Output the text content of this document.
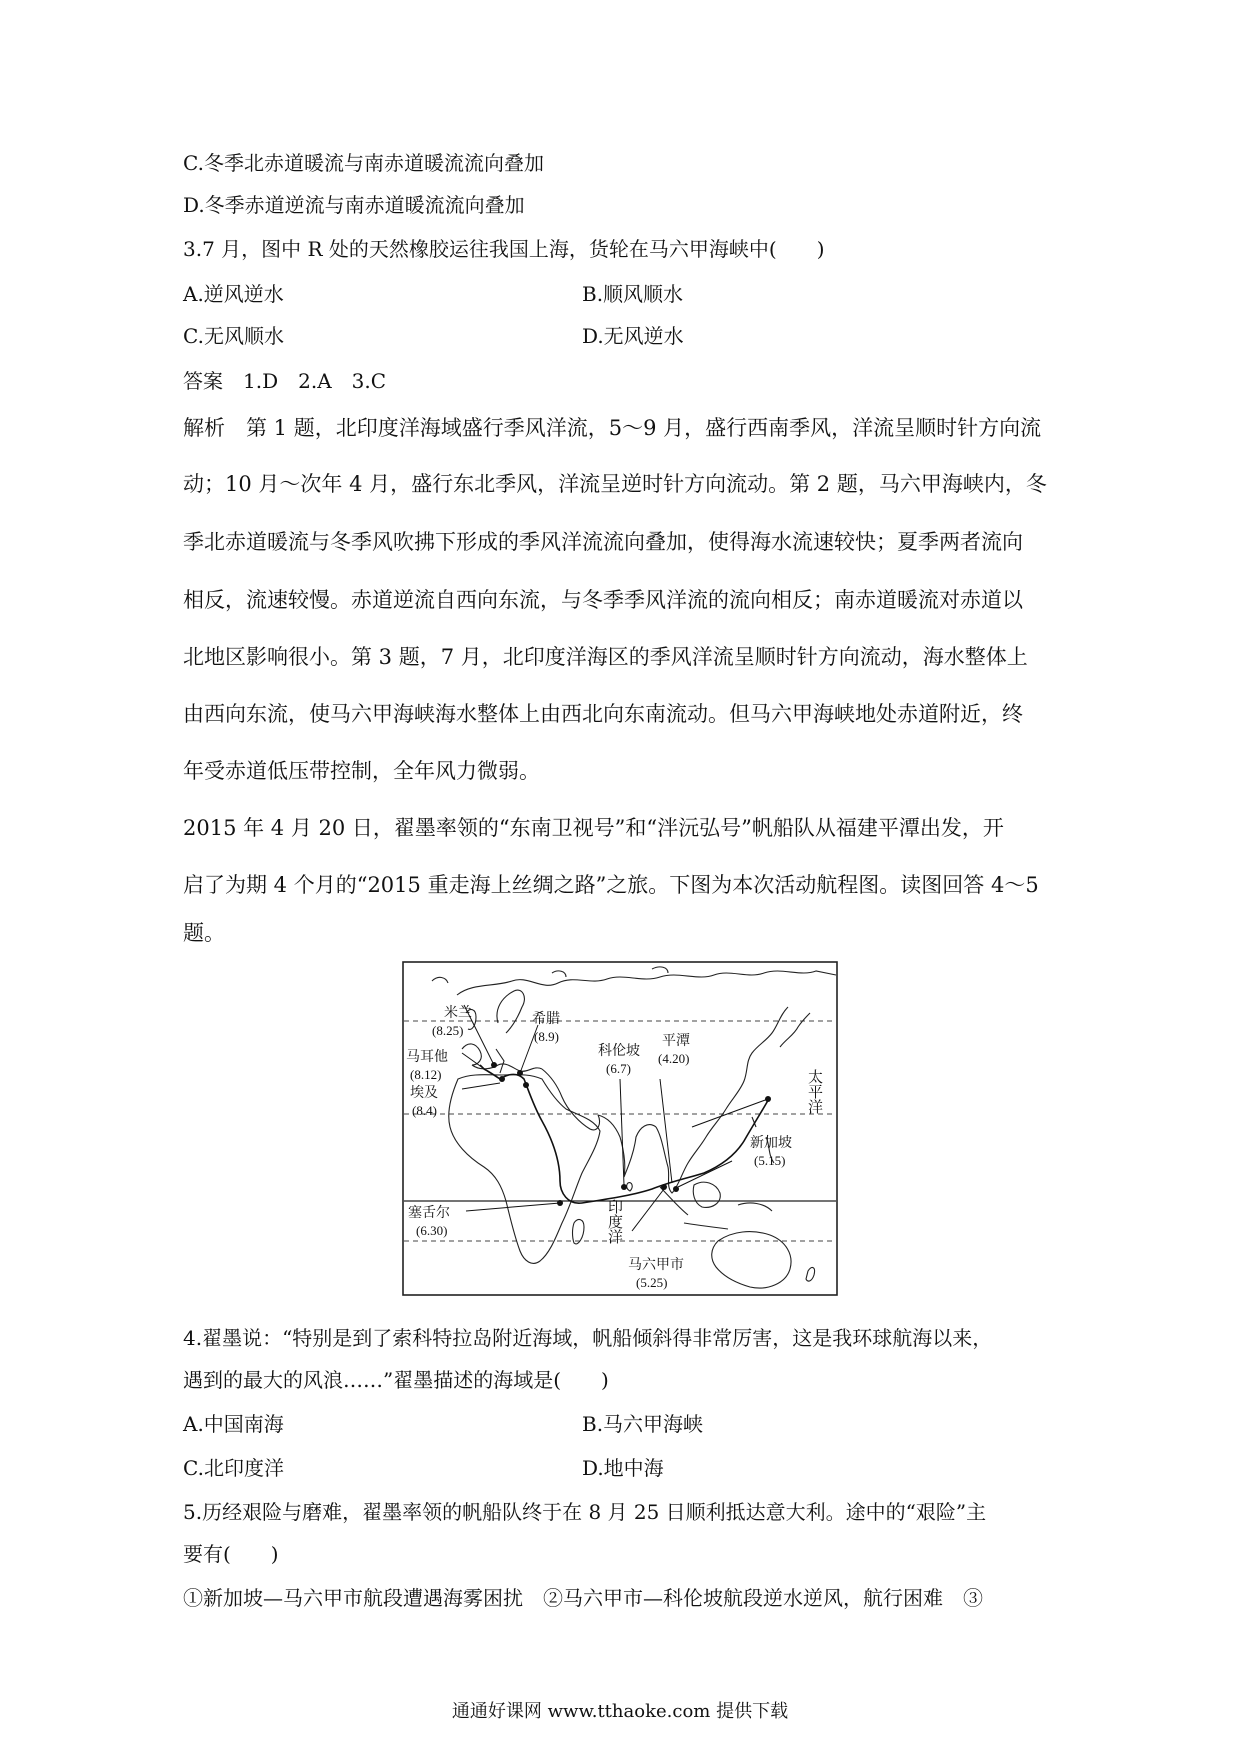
C.冬季北赤道暖流与南赤道暖流流向叠加
D.冬季赤道逆流与南赤道暖流流向叠加
3.7 月，图中 R 处的天然橡胶运往我国上海，货轮在马六甲海峡中(　　)
A.逆风逆水	B.顺风顺水
C.无风顺水	D.无风逆水
答案　1.D　2.A　3.C
解析　第 1 题，北印度洋海域盛行季风洋流，5～9 月，盛行西南季风，洋流呈顺时针方向流
动；10 月～次年 4 月，盛行东北季风，洋流呈逆时针方向流动。第 2 题，马六甲海峡内，冬
季北赤道暖流与冬季风吹拂下形成的季风洋流流向叠加，使得海水流速较快；夏季两者流向
相反，流速较慢。赤道逆流自西向东流，与冬季季风洋流的流向相反；南赤道暖流对赤道以
北地区影响很小。第 3 题，7 月，北印度洋海区的季风洋流呈顺时针方向流动，海水整体上
由西向东流，使马六甲海峡海水整体上由西北向东南流动。但马六甲海峡地处赤道附近，终
年受赤道低压带控制，全年风力微弱。
2015 年 4 月 20 日，翟墨率领的“东南卫视号”和“泮沅弘号”帆船队从福建平潭出发，开
启了为期 4 个月的“2015 重走海上丝绸之路”之旅。下图为本次活动航程图。读图回答 4～5
题。
米兰
(8.25)
希腊
(8.9)
马耳他
(8.12)
埃及
(8.4)
科伦坡
(6.7)
平潭
(4.20)
新加坡
(5.15)
塞舌尔
(6.30)
马六甲市
(5.25)
太平洋
印度洋
4.翟墨说：“特别是到了索科特拉岛附近海域，帆船倾斜得非常厉害，这是我环球航海以来，
遇到的最大的风浪……”翟墨描述的海域是(　　)
A.中国南海	B.马六甲海峡
C.北印度洋	D.地中海
5.历经艰险与磨难，翟墨率领的帆船队终于在 8 月 25 日顺利抵达意大利。途中的“艰险”主
要有(　　)
①新加坡—马六甲市航段遭遇海雾困扰　②马六甲市—科伦坡航段逆水逆风，航行困难　③
通通好课网 www.tthaoke.com 提供下载
